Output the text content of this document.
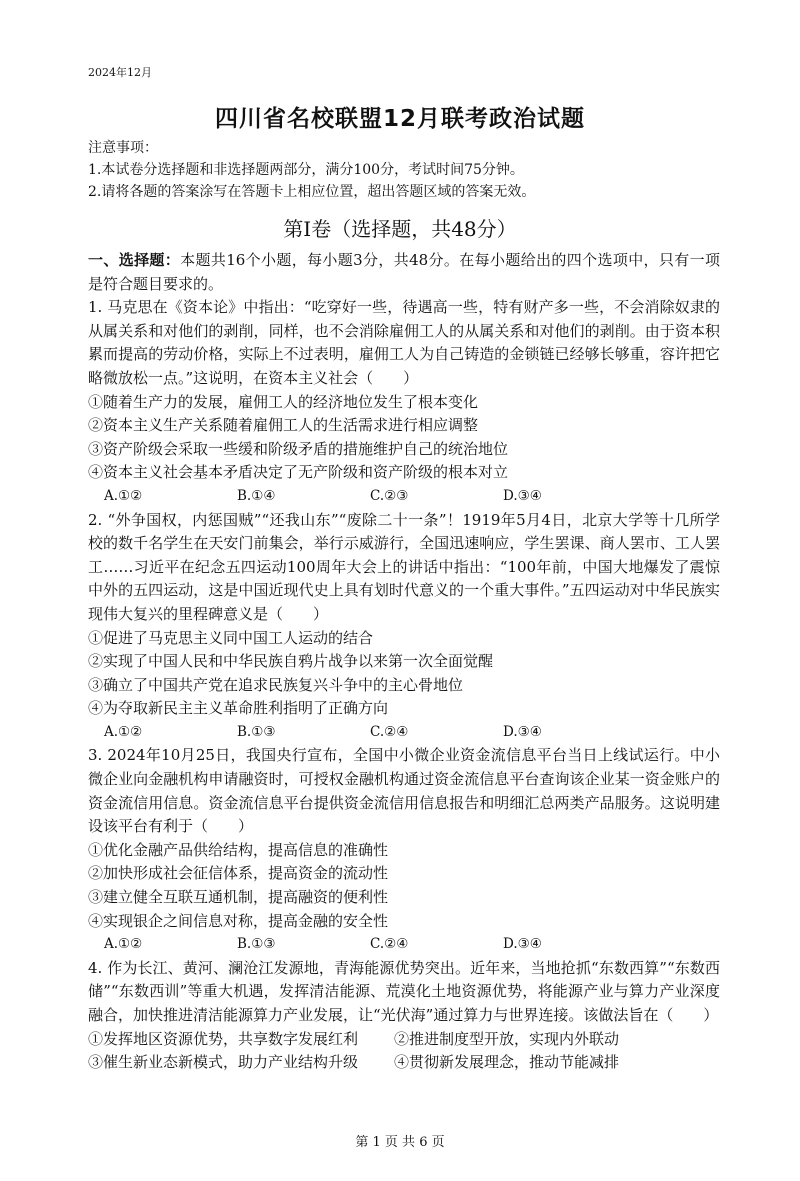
2024年12月
四川省名校联盟12月联考政治试题
注意事项：
1.本试卷分选择题和非选择题两部分，满分100分，考试时间75分钟。
2.请将各题的答案涂写在答题卡上相应位置，超出答题区域的答案无效。
第Ⅰ卷（选择题，共48分）
一、选择题：本题共16个小题，每小题3分，共48分。在每小题给出的四个选项中，只有一项是符合题目要求的。
1. 马克思在《资本论》中指出：“吃穿好一些，待遇高一些，特有财产多一些，不会消除奴隶的从属关系和对他们的剥削，同样，也不会消除雇佣工人的从属关系和对他们的剥削。由于资本积累而提高的劳动价格，实际上不过表明，雇佣工人为自己铸造的金锁链已经够长够重，容许把它略微放松一点。”这说明，在资本主义社会（　　）
①随着生产力的发展，雇佣工人的经济地位发生了根本变化
②资本主义生产关系随着雇佣工人的生活需求进行相应调整
③资产阶级会采取一些缓和阶级矛盾的措施维护自己的统治地位
④资本主义社会基本矛盾决定了无产阶级和资产阶级的根本对立
A.①②	B.①④	C.②③	D.③④
2. “外争国权，内惩国贼”“还我山东”“废除二十一条”！1919年5月4日，北京大学等十几所学校的数千名学生在天安门前集会，举行示威游行，全国迅速响应，学生罢课、商人罢市、工人罢工……习近平在纪念五四运动100周年大会上的讲话中指出：“100年前，中国大地爆发了震惊中外的五四运动，这是中国近现代史上具有划时代意义的一个重大事件。”五四运动对中华民族实现伟大复兴的里程碑意义是（　　）
①促进了马克思主义同中国工人运动的结合
②实现了中国人民和中华民族自鸦片战争以来第一次全面觉醒
③确立了中国共产党在追求民族复兴斗争中的主心骨地位
④为夺取新民主主义革命胜利指明了正确方向
A.①②	B.①③	C.②④	D.③④
3. 2024年10月25日，我国央行宣布，全国中小微企业资金流信息平台当日上线试运行。中小微企业向金融机构申请融资时，可授权金融机构通过资金流信息平台查询该企业某一资金账户的资金流信用信息。资金流信息平台提供资金流信用信息报告和明细汇总两类产品服务。这说明建设该平台有利于（　　）
①优化金融产品供给结构，提高信息的准确性
②加快形成社会征信体系，提高资金的流动性
③建立健全互联互通机制，提高融资的便利性
④实现银企之间信息对称，提高金融的安全性
A.①②	B.①③	C.②④	D.③④
4. 作为长江、黄河、澜沧江发源地，青海能源优势突出。近年来，当地抢抓“东数西算”“东数西储”“东数西训”等重大机遇，发挥清洁能源、荒漠化土地资源优势，将能源产业与算力产业深度融合，加快推进清洁能源算力产业发展，让“光伏海”通过算力与世界连接。该做法旨在（　　）
①发挥地区资源优势，共享数字发展红利	②推进制度型开放，实现内外联动
③催生新业态新模式，助力产业结构升级	④贯彻新发展理念，推动节能减排
第 1 页 共 6 页
